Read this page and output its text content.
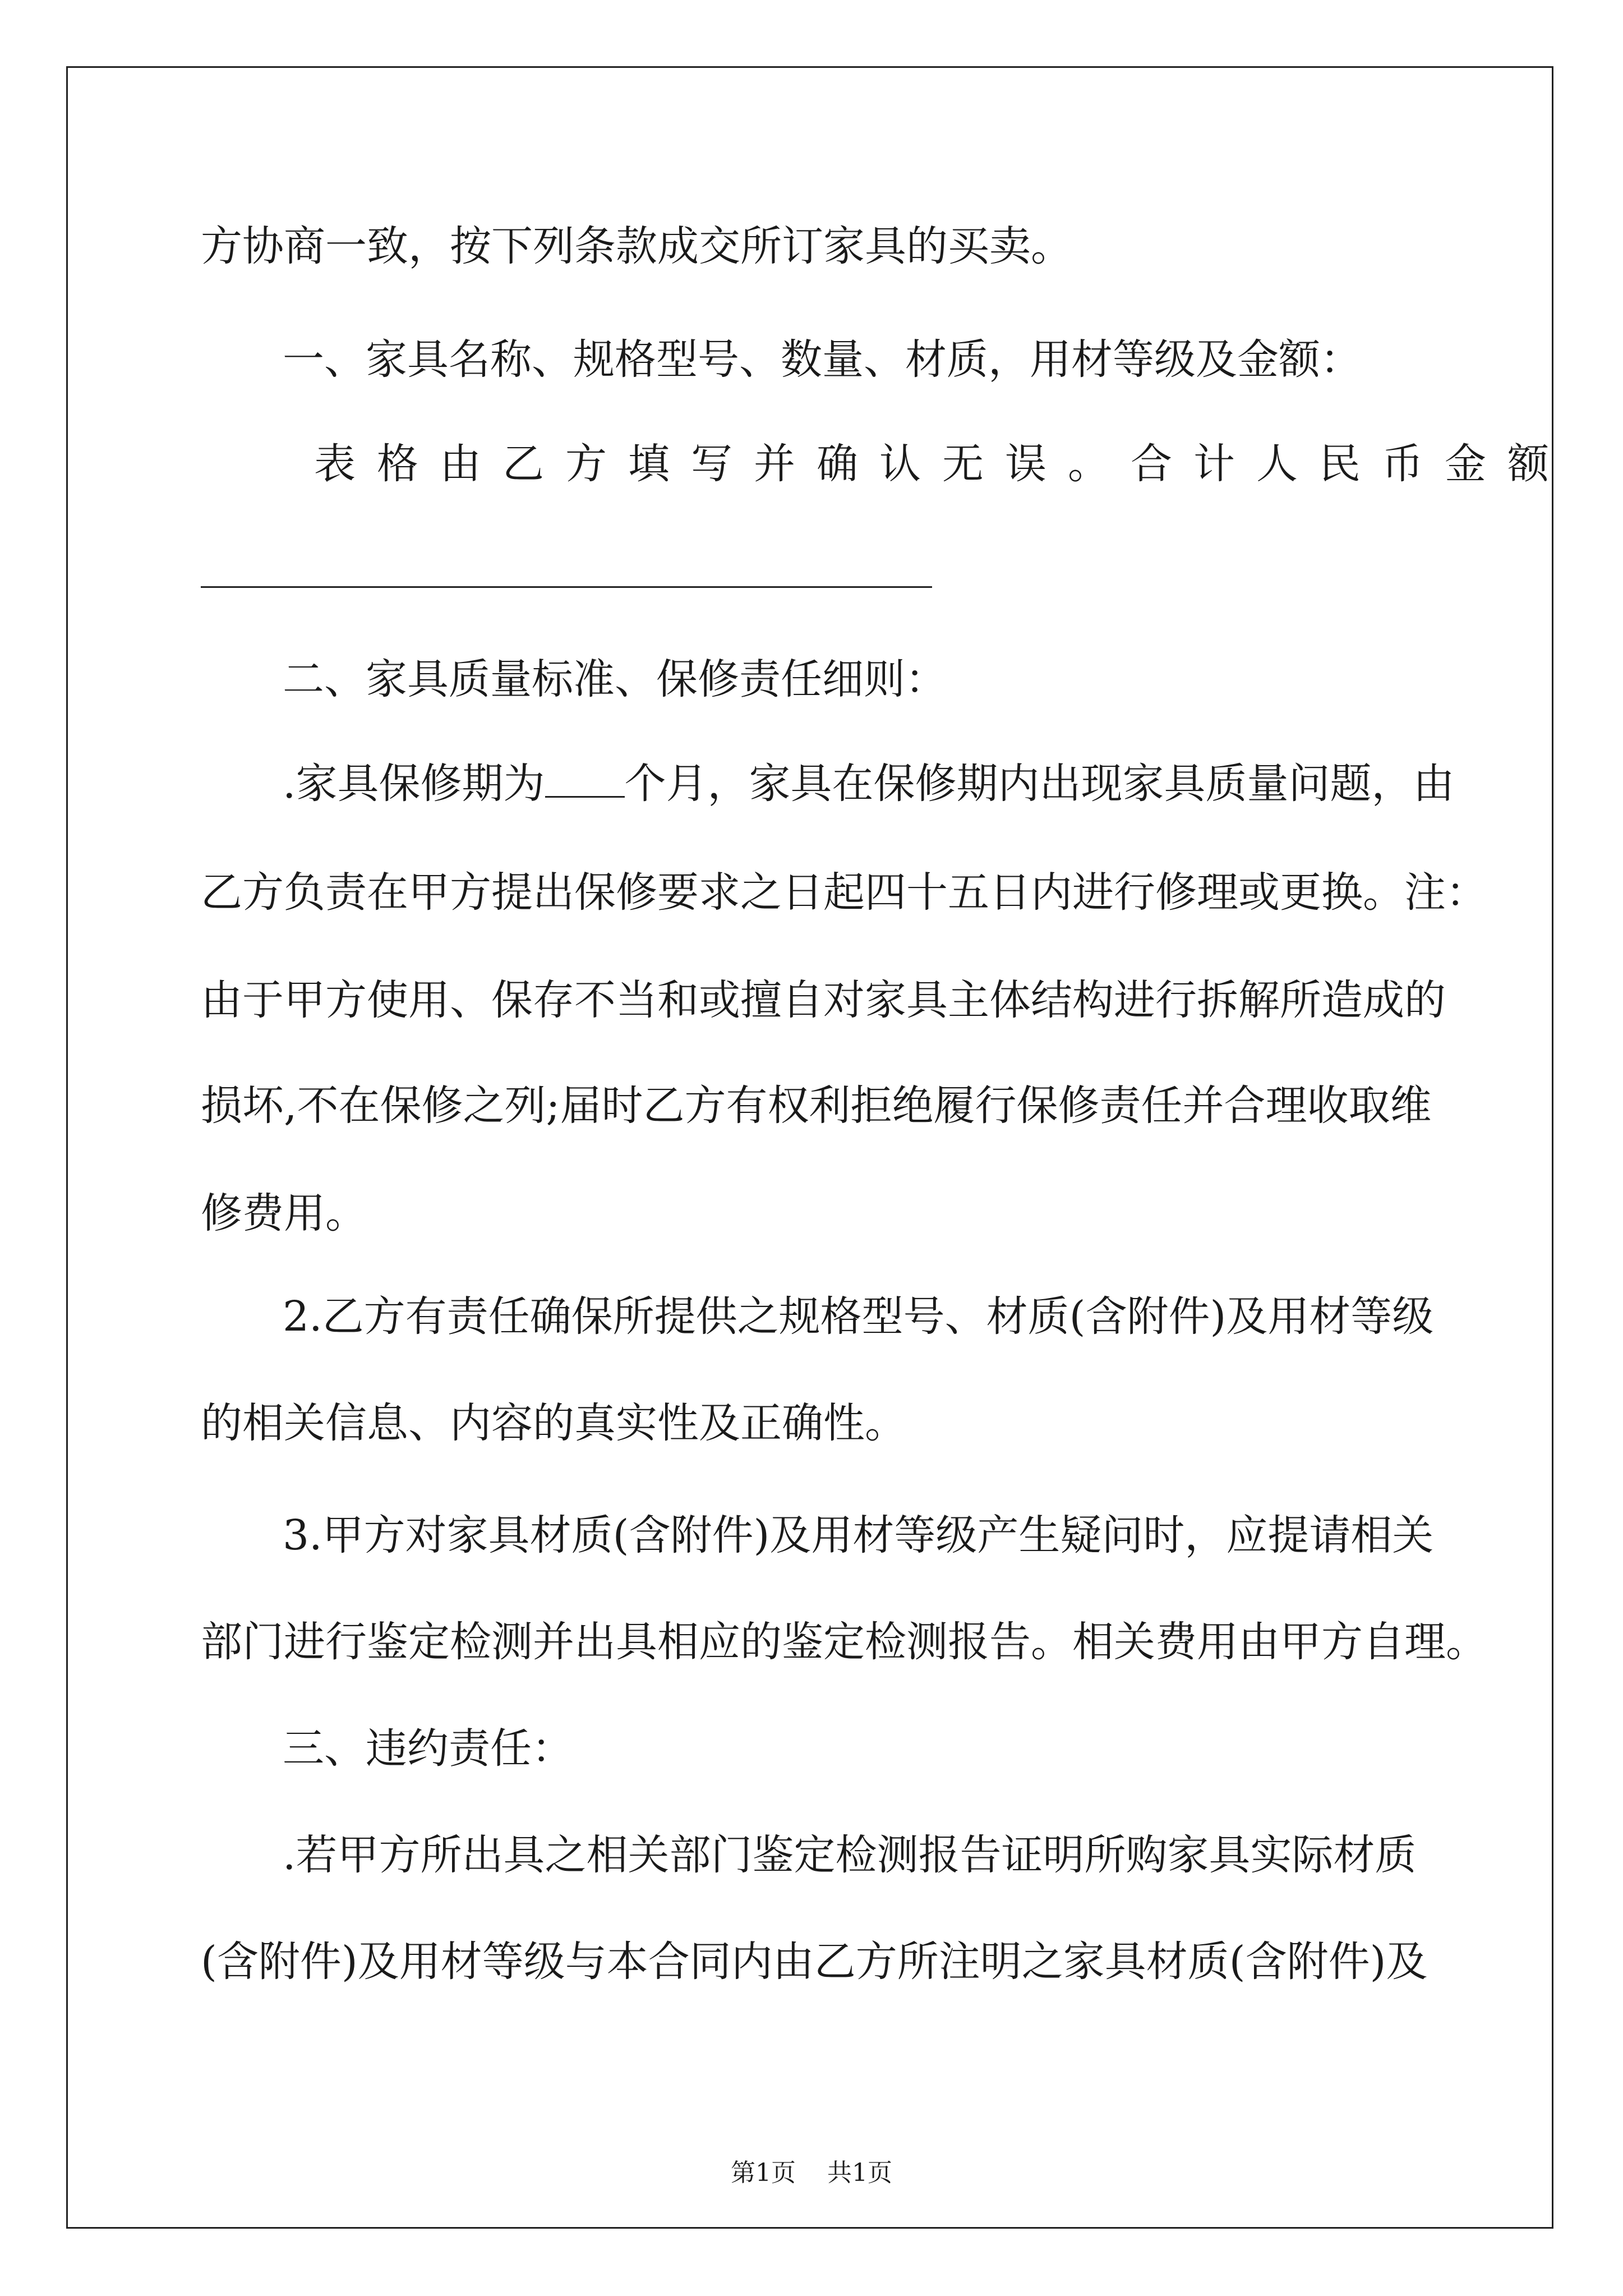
方协商一致，按下列条款成交所订家具的买卖。
一、家具名称、规格型号、数量、材质，用材等级及金额：
表格由乙方填写并确认无误。合计人民币金额
二、家具质量标准、保修责任细则：
.家具保修期为 个月，家具在保修期内出现家具质量问题，由
乙方负责在甲方提出保修要求之日起四十五日内进行修理或更换。注：
由于甲方使用、保存不当和或擅自对家具主体结构进行拆解所造成的
损坏,不在保修之列;届时乙方有权利拒绝履行保修责任并合理收取维
修费用。
2.乙方有责任确保所提供之规格型号、材质(含附件)及用材等级
的相关信息、内容的真实性及正确性。
3.甲方对家具材质(含附件)及用材等级产生疑问时，应提请相关
部门进行鉴定检测并出具相应的鉴定检测报告。相关费用由甲方自理。
三、违约责任：
.若甲方所出具之相关部门鉴定检测报告证明所购家具实际材质
(含附件)及用材等级与本合同内由乙方所注明之家具材质(含附件)及
第1页 共1页
